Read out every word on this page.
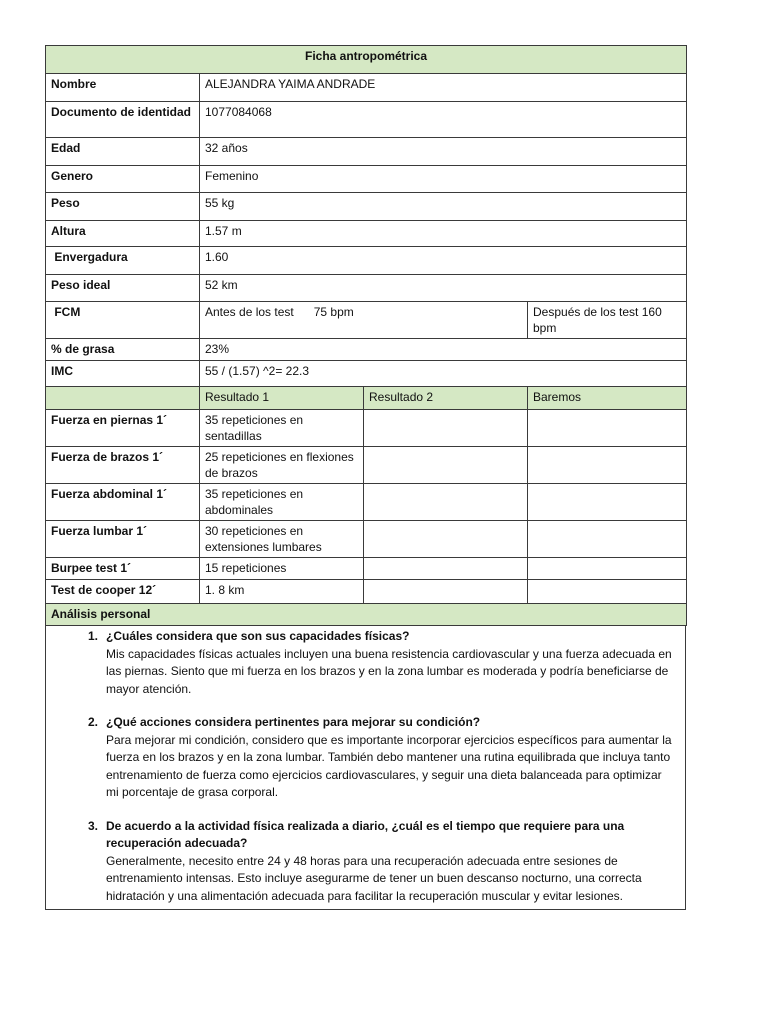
Ficha antropométrica			
Nombre	ALEJANDRA YAIMA ANDRADE		
Documento de identidad	1077084068		
Edad	32 años		
Genero	Femenino		
Peso	55 kg		
Altura	1.57 m		
Envergadura	1.60		
Peso ideal	52 km		
FCM	Antes de los test      75 bpm		Después de los test 160 bpm
% de grasa	23%		
IMC	55 / (1.57) ^2= 22.3		
	Resultado 1	Resultado 2	Baremos
Fuerza en piernas 1´	35 repeticiones en sentadillas		
Fuerza de brazos 1´	25 repeticiones en flexiones de brazos		
Fuerza abdominal 1´	35 repeticiones en abdominales		
Fuerza lumbar 1´	30 repeticiones en extensiones lumbares		
Burpee test 1´	15 repeticiones		
Test de cooper 12´	1. 8 km		
Análisis personal			
1. ¿Cuáles considera que son sus capacidades físicas?
Mis capacidades físicas actuales incluyen una buena resistencia cardiovascular y una fuerza adecuada en las piernas. Siento que mi fuerza en los brazos y en la zona lumbar es moderada y podría beneficiarse de mayor atención.
2. ¿Qué acciones considera pertinentes para mejorar su condición?
Para mejorar mi condición, considero que es importante incorporar ejercicios específicos para aumentar la fuerza en los brazos y en la zona lumbar. También debo mantener una rutina equilibrada que incluya tanto entrenamiento de fuerza como ejercicios cardiovasculares, y seguir una dieta balanceada para optimizar mi porcentaje de grasa corporal.
3. De acuerdo a la actividad física realizada a diario, ¿cuál es el tiempo que requiere para una recuperación adecuada?
Generalmente, necesito entre 24 y 48 horas para una recuperación adecuada entre sesiones de entrenamiento intensas. Esto incluye asegurarme de tener un buen descanso nocturno, una correcta hidratación y una alimentación adecuada para facilitar la recuperación muscular y evitar lesiones.
